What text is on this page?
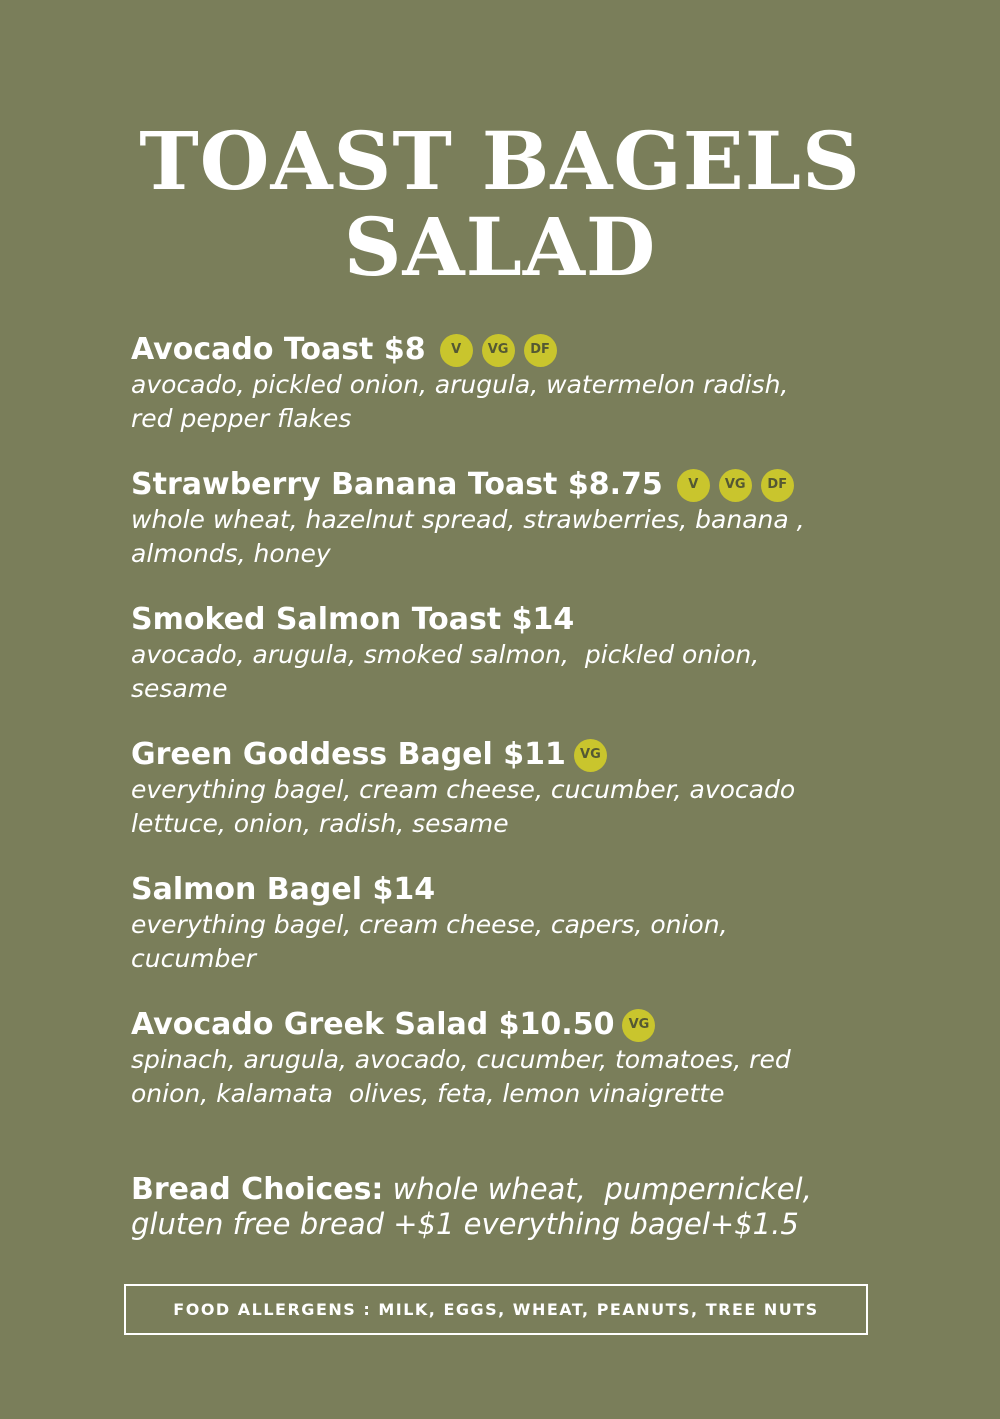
TOAST BAGELS
SALAD
Avocado Toast $8	V	VG	DF

avocado, pickled onion, arugula, watermelon radish,
red pepper flakes

Strawberry Banana Toast $8.75	V	VG	DF

whole wheat, hazelnut spread, strawberries, banana ,
almonds, honey

Smoked Salmon Toast $14

avocado, arugula, smoked salmon,  pickled onion,
sesame

Green Goddess Bagel $11	VG

everything bagel, cream cheese, cucumber, avocado
lettuce, onion, radish, sesame

Salmon Bagel $14

everything bagel, cream cheese, capers, onion,
cucumber

Avocado Greek Salad $10.50	VG

spinach, arugula, avocado, cucumber, tomatoes, red
onion, kalamata  olives, feta, lemon vinaigrette

Bread Choices: whole wheat,  pumpernickel,
gluten free bread +$1 everything bagel+$1.5
FOOD ALLERGENS : MILK, EGGS, WHEAT, PEANUTS, TREE NUTS
